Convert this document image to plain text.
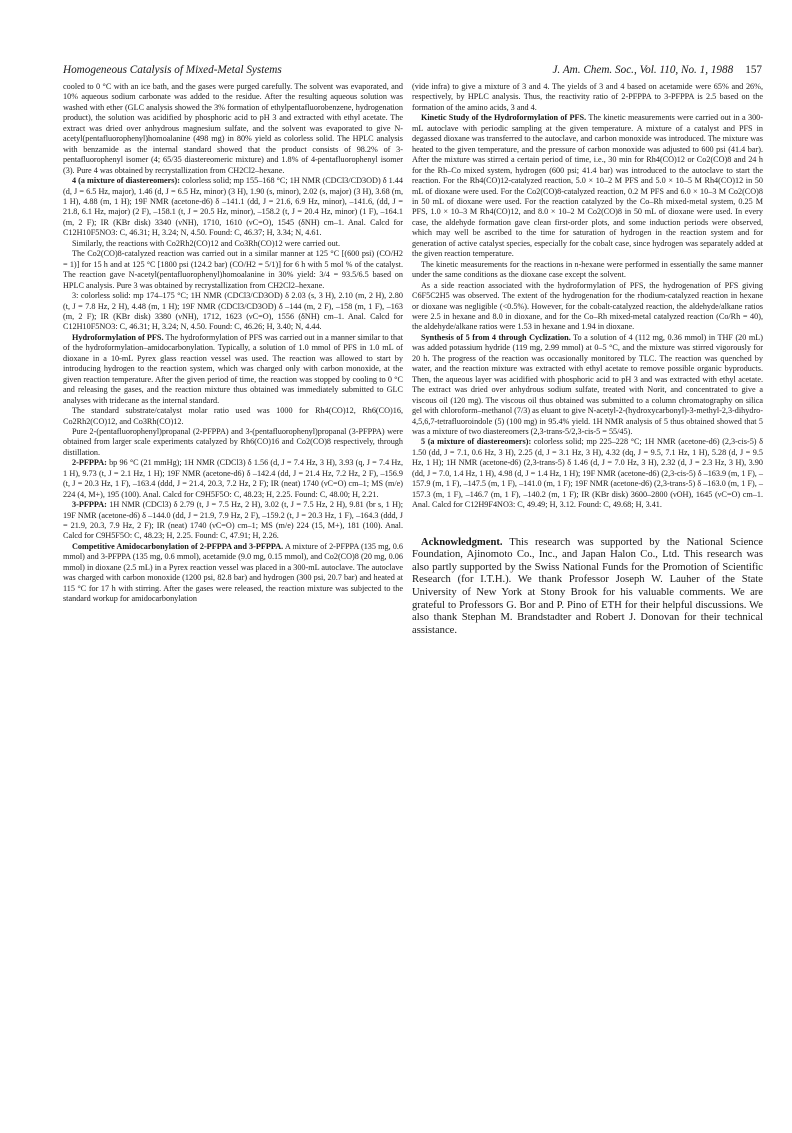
Homogeneous Catalysis of Mixed-Metal Systems	J. Am. Chem. Soc., Vol. 110, No. 1, 1988 157

cooled to 0 °C with an ice bath, and the gases were purged carefully. The solvent was evaporated, and 10% aqueous sodium carbonate was added to the residue. After the resulting aqueous solution was washed with ether (GLC analysis showed the 3% formation of ethylpentafluorobenzene, hydrogenation product), the solution was acidified by phosphoric acid to pH 3 and extracted with ethyl acetate. The extract was dried over anhydrous magnesium sulfate, and the solvent was evaporated to give N-acetyl(pentafluorophenyl)homoalanine (498 mg) in 80% yield as colorless solid. The HPLC analysis with benzamide as the internal standard showed that the product consists of 98.2% of 3-pentafluorophenyl isomer (4; 65/35 diastereomeric mixture) and 1.8% of 4-pentafluorophenyl isomer (3). Pure 4 was obtained by recrystallization from CH2Cl2–hexane.

4 (a mixture of diastereomers): colorless solid; mp 155–168 °C; 1H NMR (CDCl3/CD3OD) δ 1.44 (d, J = 6.5 Hz, major), 1.46 (d, J = 6.5 Hz, minor) (3 H), 1.90 (s, minor), 2.02 (s, major) (3 H), 3.68 (m, 1 H), 4.88 (m, 1 H); 19F NMR (acetone-d6) δ –141.1 (dd, J = 21.6, 6.9 Hz, minor), –141.6, (dd, J = 21.8, 6.1 Hz, major) (2 F), –158.1 (t, J = 20.5 Hz, minor), –158.2 (t, J = 20.4 Hz, minor) (1 F), –164.1 (m, 2 F); IR (KBr disk) 3340 (νNH), 1710, 1610 (νC=O), 1545 (δNH) cm–1. Anal. Calcd for C12H10F5NO3: C, 46.31; H, 3.24; N, 4.50. Found: C, 46.37; H, 3.34; N, 4.61.

Similarly, the reactions with Co2Rh2(CO)12 and Co3Rh(CO)12 were carried out.

The Co2(CO)8-catalyzed reaction was carried out in a similar manner at 125 °C [(600 psi) (CO/H2 = 1)] for 15 h and at 125 °C [1800 psi (124.2 bar) (CO/H2 = 5/1)] for 6 h with 5 mol % of the catalyst. The reaction gave N-acetyl(pentafluorophenyl)homoalanine in 30% yield: 3/4 = 93.5/6.5 based on HPLC analysis. Pure 3 was obtained by recrystallization from CH2Cl2–hexane.

3: colorless solid: mp 174–175 °C; 1H NMR (CDCl3/CD3OD) δ 2.03 (s, 3 H), 2.10 (m, 2 H), 2.80 (t, J = 7.8 Hz, 2 H), 4.48 (m, 1 H); 19F NMR (CDCl3/CD3OD) δ –144 (m, 2 F), –158 (m, 1 F), –163 (m, 2 F); IR (KBr disk) 3380 (νNH), 1712, 1623 (νC=O), 1556 (δNH) cm–1. Anal. Calcd for C12H10F5NO3: C, 46.31; H, 3.24; N, 4.50. Found: C, 46.26; H, 3.40; N, 4.44.

Hydroformylation of PFS. The hydroformylation of PFS was carried out in a manner similar to that of the hydroformylation–amidocarbonylation. Typically, a solution of 1.0 mmol of PFS in 1.0 mL of dioxane in a 10-mL Pyrex glass reaction vessel was used. The reaction was allowed to start by introducing hydrogen to the reaction system, which was charged only with carbon monoxide, at the given reaction temperature. After the given period of time, the reaction was stopped by cooling to 0 °C and releasing the gases, and the reaction mixture thus obtained was immediately submitted to GLC analyses with tridecane as the internal standard.

The standard substrate/catalyst molar ratio used was 1000 for Rh4(CO)12, Rh6(CO)16, Co2Rh2(CO)12, and Co3Rh(CO)12.

Pure 2-(pentafluorophenyl)propanal (2-PFPPA) and 3-(pentafluorophenyl)propanal (3-PFPPA) were obtained from larger scale experiments catalyzed by Rh6(CO)16 and Co2(CO)8 respectively, through distillation.

2-PFPPA: bp 96 °C (21 mmHg); 1H NMR (CDCl3) δ 1.56 (d, J = 7.4 Hz, 3 H), 3.93 (q, J = 7.4 Hz, 1 H), 9.73 (t, J = 2.1 Hz, 1 H); 19F NMR (acetone-d6) δ –142.4 (dd, J = 21.4 Hz, 7.2 Hz, 2 F), –156.9 (t, J = 20.3 Hz, 1 F), –163.4 (ddd, J = 21.4, 20.3, 7.2 Hz, 2 F); IR (neat) 1740 (νC=O) cm–1; MS (m/e) 224 (4, M+), 195 (100). Anal. Calcd for C9H5F5O: C, 48.23; H, 2.25. Found: C, 48.00; H, 2.21.

3-PFPPA: 1H NMR (CDCl3) δ 2.79 (t, J = 7.5 Hz, 2 H), 3.02 (t, J = 7.5 Hz, 2 H), 9.81 (br s, 1 H); 19F NMR (acetone-d6) δ –144.0 (dd, J = 21.9, 7.9 Hz, 2 F), –159.2 (t, J = 20.3 Hz, 1 F), –164.3 (ddd, J = 21.9, 20.3, 7.9 Hz, 2 F); IR (neat) 1740 (νC=O) cm–1; MS (m/e) 224 (15, M+), 181 (100). Anal. Calcd for C9H5F5O: C, 48.23; H, 2.25. Found: C, 47.91; H, 2.26.

Competitive Amidocarbonylation of 2-PFPPA and 3-PFPPA. A mixture of 2-PFPPA (135 mg, 0.6 mmol) and 3-PFPPA (135 mg, 0.6 mmol), acetamide (9.0 mg, 0.15 mmol), and Co2(CO)8 (20 mg, 0.06 mmol) in dioxane (2.5 mL) in a Pyrex reaction vessel was placed in a 300-mL autoclave. The autoclave was charged with carbon monoxide (1200 psi, 82.8 bar) and hydrogen (300 psi, 20.7 bar) and heated at 115 °C for 17 h with stirring. After the gases were released, the reaction mixture was subjected to the standard workup for amidocarbonylation

(vide infra) to give a mixture of 3 and 4. The yields of 3 and 4 based on acetamide were 65% and 26%, respectively, by HPLC analysis. Thus, the reactivity ratio of 2-PFPPA to 3-PFPPA is 2.5 based on the formation of the amino acids, 3 and 4.

Kinetic Study of the Hydroformylation of PFS. The kinetic measurements were carried out in a 300-mL autoclave with periodic sampling at the given temperature. A mixture of a catalyst and PFS in degassed dioxane was transferred to the autoclave, and carbon monoxide was introduced. The mixture was heated to the given temperature, and the pressure of carbon monoxide was adjusted to 600 psi (41.4 bar). After the mixture was stirred a certain period of time, i.e., 30 min for Rh4(CO)12 or Co2(CO)8 and 24 h for the Rh–Co mixed system, hydrogen (600 psi; 41.4 bar) was introduced to the autoclave to start the reaction. For the Rh4(CO)12-catalyzed reaction, 5.0 × 10–2 M PFS and 5.0 × 10–5 M Rh4(CO)12 in 50 mL of dioxane were used. For the Co2(CO)8-catalyzed reaction, 0.2 M PFS and 6.0 × 10–3 M Co2(CO)8 in 50 mL of dioxane were used. For the reaction catalyzed by the Co–Rh mixed-metal system, 0.25 M PFS, 1.0 × 10–3 M Rh4(CO)12, and 8.0 × 10–2 M Co2(CO)8 in 50 mL of dioxane were used. In every case, the aldehyde formation gave clean first-order plots, and some induction periods were observed, which may well be ascribed to the time for saturation of hydrogen in the reaction system and for generation of active catalyst species, especially for the cobalt case, since hydrogen was separately added at the given reaction temperature.

The kinetic measurements for the reactions in n-hexane were performed in essentially the same manner under the same conditions as the dioxane case except the solvent.

As a side reaction associated with the hydroformylation of PFS, the hydrogenation of PFS giving C6F5C2H5 was observed. The extent of the hydrogenation for the rhodium-catalyzed reaction in hexane or dioxane was negligible (<0.5%). However, for the cobalt-catalyzed reaction, the aldehyde/alkane ratios were 2.5 in hexane and 8.0 in dioxane, and for the Co–Rh mixed-metal catalyzed reaction (Co/Rh = 40), the aldehyde/alkane ratios were 1.53 in hexane and 1.94 in dioxane.

Synthesis of 5 from 4 through Cyclization. To a solution of 4 (112 mg, 0.36 mmol) in THF (20 mL) was added potassium hydride (119 mg, 2.99 mmol) at 0–5 °C, and the mixture was stirred vigorously for 20 h. The progress of the reaction was occasionally monitored by TLC. The reaction was quenched by water, and the reaction mixture was extracted with ethyl acetate to remove possible organic byproducts. Then, the aqueous layer was acidified with phosphoric acid to pH 3 and was extracted with ethyl acetate. The extract was dried over anhydrous sodium sulfate, treated with Norit, and concentrated to give a viscous oil (120 mg). The viscous oil thus obtained was submitted to a column chromatography on silica gel with chloroform–methanol (7/3) as eluant to give N-acetyl-2-(hydroxycarbonyl)-3-methyl-2,3-dihydro-4,5,6,7-tetrafluoroindole (5) (100 mg) in 95.4% yield. 1H NMR analysis of 5 thus obtained showed that 5 was a mixture of two diastereomers (2,3-trans-5/2,3-cis-5 = 55/45).

5 (a mixture of diastereomers): colorless solid; mp 225–228 °C; 1H NMR (acetone-d6) (2,3-cis-5) δ 1.50 (dd, J = 7.1, 0.6 Hz, 3 H), 2.25 (d, J = 3.1 Hz, 3 H), 4.32 (dq, J = 9.5, 7.1 Hz, 1 H), 5.28 (d, J = 9.5 Hz, 1 H); 1H NMR (acetone-d6) (2,3-trans-5) δ 1.46 (d, J = 7.0 Hz, 3 H), 2.32 (d, J = 2.3 Hz, 3 H), 3.90 (dd, J = 7.0, 1.4 Hz, 1 H), 4.98 (d, J = 1.4 Hz, 1 H); 19F NMR (acetone-d6) (2,3-cis-5) δ –163.9 (m, 1 F), –157.9 (m, 1 F), –147.5 (m, 1 F), –141.0 (m, 1 F); 19F NMR (acetone-d6) (2,3-trans-5) δ –163.0 (m, 1 F), –157.3 (m, 1 F), –146.7 (m, 1 F), –140.2 (m, 1 F); IR (KBr disk) 3600–2800 (νOH), 1645 (νC=O) cm–1. Anal. Calcd for C12H9F4NO3: C, 49.49; H, 3.12. Found: C, 49.68; H, 3.41.

Acknowledgment. This research was supported by the National Science Foundation, Ajinomoto Co., Inc., and Japan Halon Co., Ltd. This research was also partly supported by the Swiss National Funds for the Promotion of Scientific Research (for I.T.H.). We thank Professor Joseph W. Lauher of the State University of New York at Stony Brook for his valuable comments. We are grateful to Professors G. Bor and P. Pino of ETH for their helpful discussions. We also thank Stephan M. Brandstadter and Robert J. Donovan for their technical assistance.
